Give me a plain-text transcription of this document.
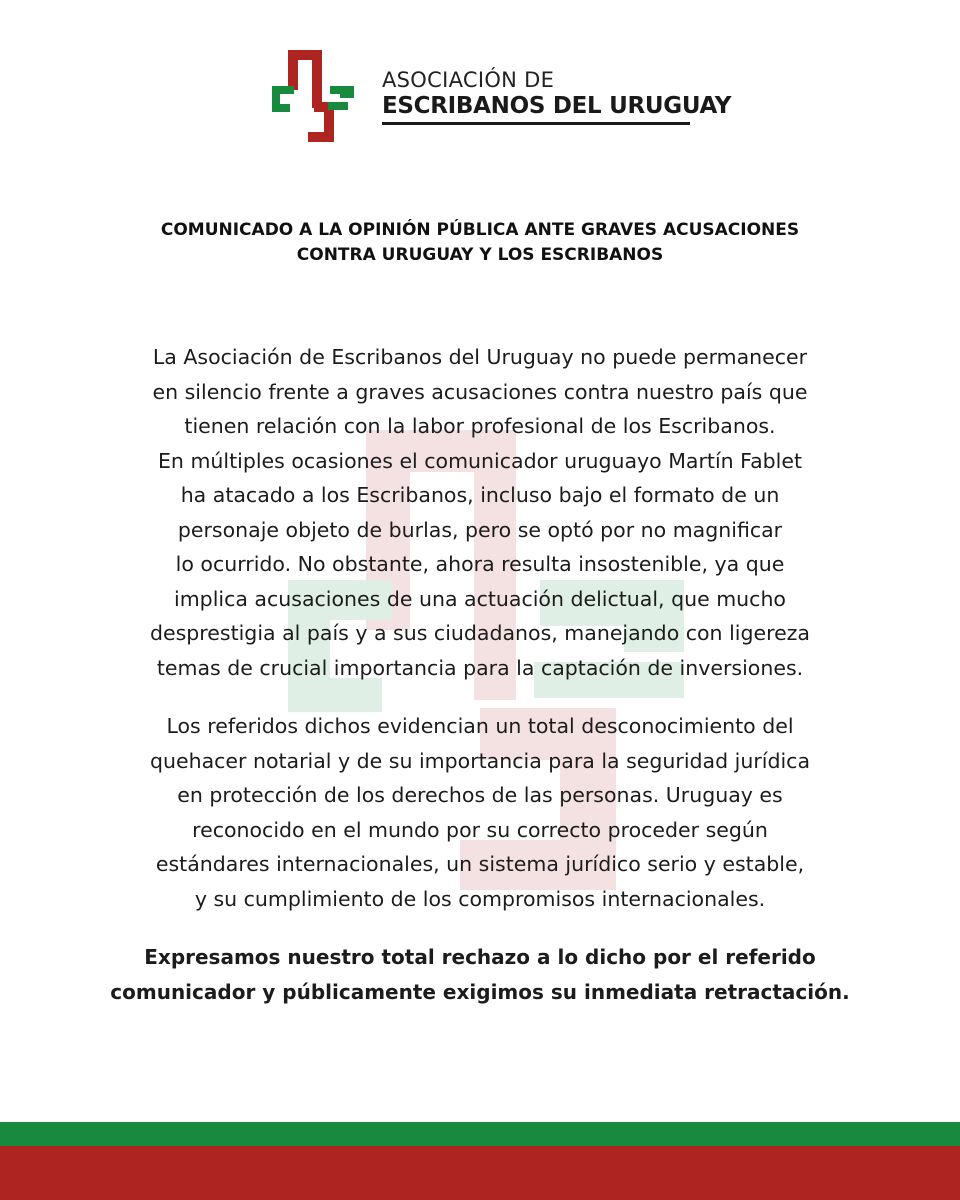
ASOCIACIÓN DE
ESCRIBANOS DEL URUGUAY
COMUNICADO A LA OPINIÓN PÚBLICA ANTE GRAVES ACUSACIONES
CONTRA URUGUAY Y LOS ESCRIBANOS
La Asociación de Escribanos del Uruguay no puede permanecer
en silencio frente a graves acusaciones contra nuestro país que
tienen relación con la labor profesional de los Escribanos.
En múltiples ocasiones el comunicador uruguayo Martín Fablet
ha atacado a los Escribanos, incluso bajo el formato de un
personaje objeto de burlas, pero se optó por no magnificar
lo ocurrido. No obstante, ahora resulta insostenible, ya que
implica acusaciones de una actuación delictual, que mucho
desprestigia al país y a sus ciudadanos, manejando con ligereza
temas de crucial importancia para la captación de inversiones.
Los referidos dichos evidencian un total desconocimiento del
quehacer notarial y de su importancia para la seguridad jurídica
en protección de los derechos de las personas. Uruguay es
reconocido en el mundo por su correcto proceder según
estándares internacionales, un sistema jurídico serio y estable,
y su cumplimiento de los compromisos internacionales.
Expresamos nuestro total rechazo a lo dicho por el referido
comunicador y públicamente exigimos su inmediata retractación.
